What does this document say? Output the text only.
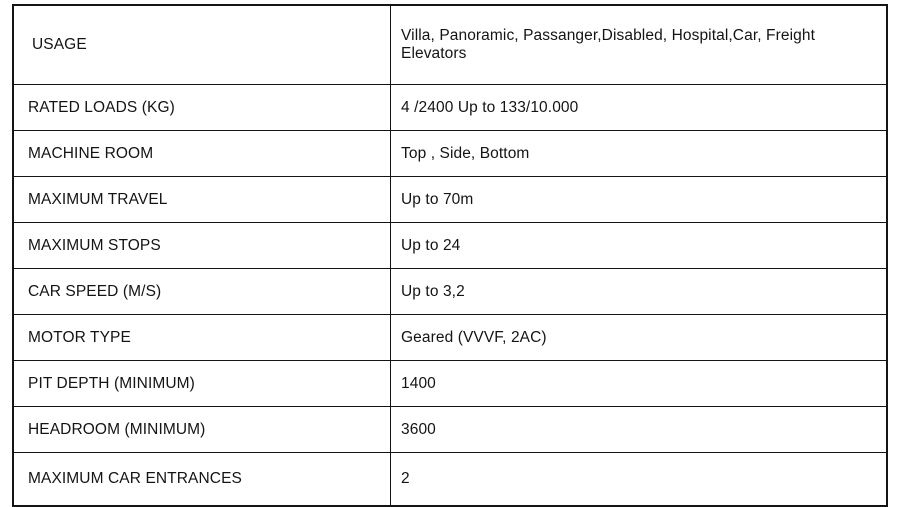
USAGE	Villa, Panoramic, Passanger,Disabled, Hospital,Car, Freight Elevators
RATED LOADS (KG)	4 /2400 Up to 133/10.000
MACHINE ROOM	Top , Side, Bottom
MAXIMUM TRAVEL	Up to 70m
MAXIMUM STOPS	Up to 24
CAR SPEED (M/S)	Up to 3,2
MOTOR TYPE	Geared (VVVF, 2AC)
PIT DEPTH (MINIMUM)	1400
HEADROOM (MINIMUM)	3600
MAXIMUM CAR ENTRANCES	2
